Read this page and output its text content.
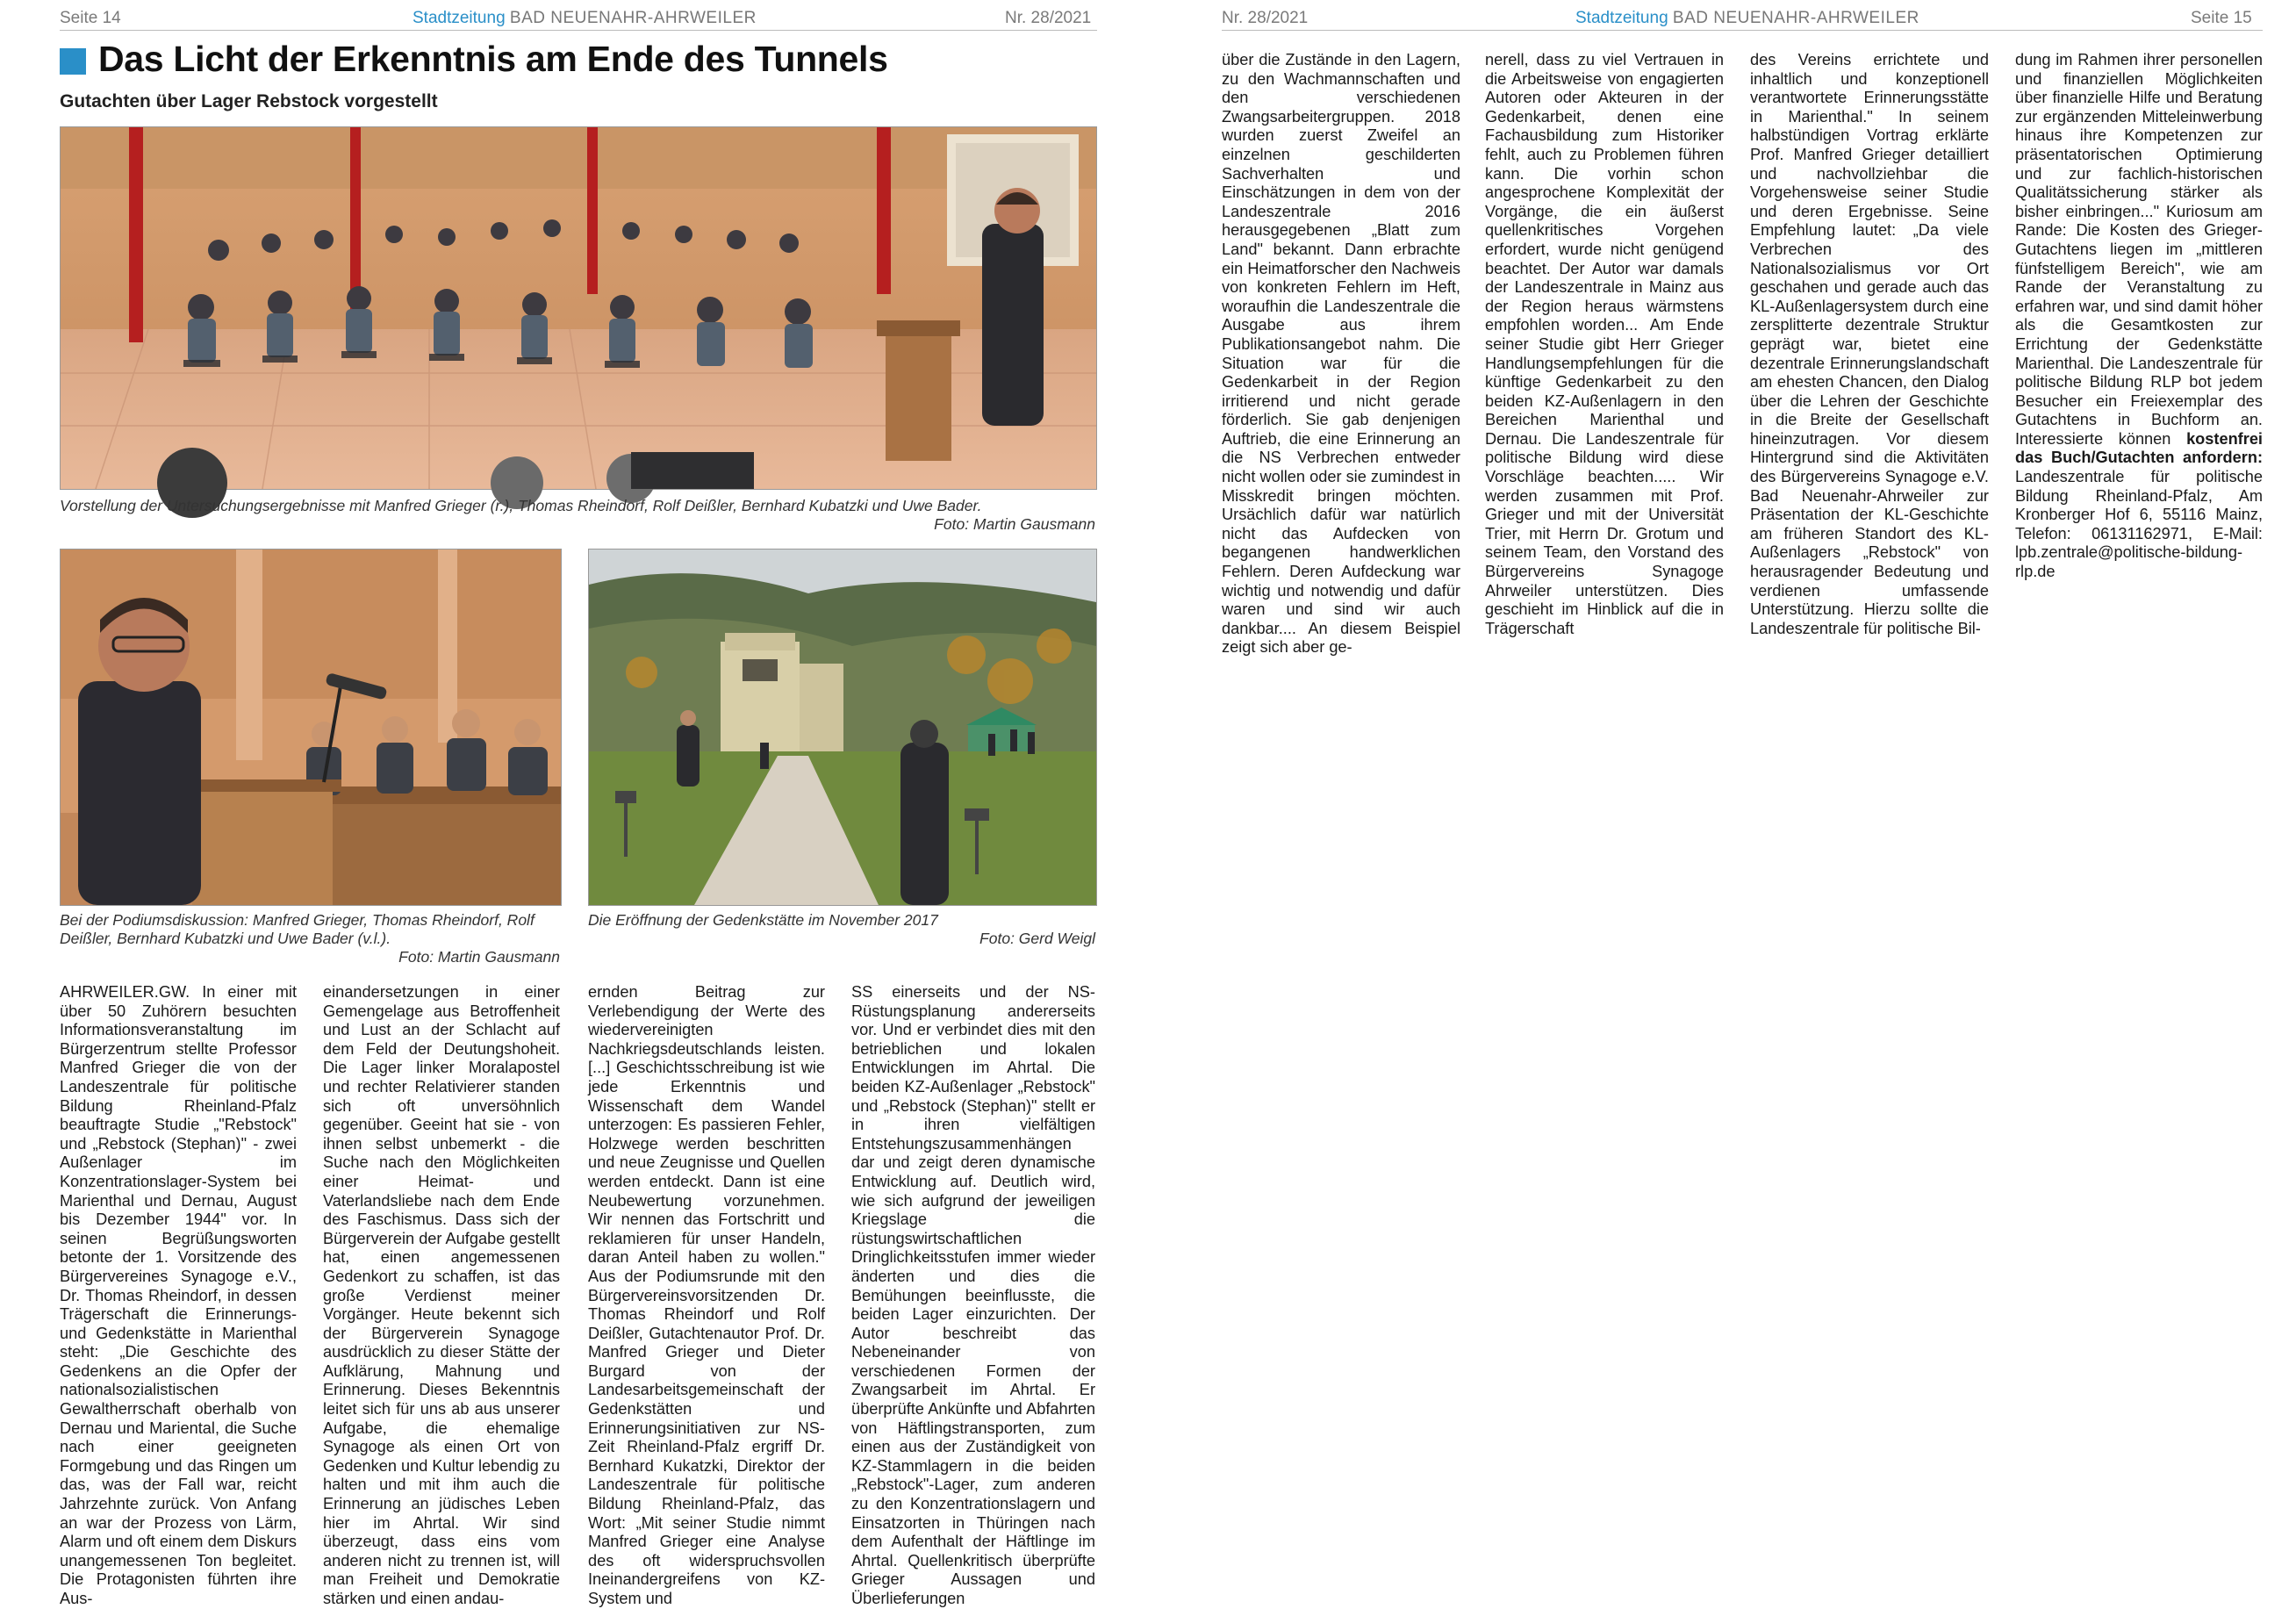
Seite 14	Stadtzeitung BAD NEUENAHR-AHRWEILER	Nr. 28/2021	Nr. 28/2021	Stadtzeitung BAD NEUENAHR-AHRWEILER	Seite 15
Das Licht der Erkenntnis am Ende des Tunnels
Gutachten über Lager Rebstock vorgestellt
Vorstellung der Untersuchungsergebnisse mit Manfred Grieger (r.), Thomas Rheindorf, Rolf Deißler, Bernhard Kubatzki und Uwe Bader.
Foto: Martin Gausmann
Bei der Podiumsdiskussion: Manfred Grieger, Thomas Rheindorf, Rolf Deißler, Bernhard Kubatzki und Uwe Bader (v.l.).
Foto: Martin Gausmann
Die Eröffnung der Gedenkstätte im November 2017
Foto: Gerd Weigl

AHRWEILER.GW. In einer mit über 50 Zuhörern besuchten Informationsveranstaltung im Bürgerzentrum stellte Professor Manfred Grieger die von der Landeszentrale für politische Bildung Rheinland-Pfalz beauftragte Studie „"Rebstock" und „Rebstock (Stephan)" - zwei Außenlager im Konzentrationslager-System bei Marienthal und Dernau, August bis Dezember 1944" vor. In seinen Begrüßungsworten betonte der 1. Vorsitzende des Bürgervereines Synagoge e.V., Dr. Thomas Rheindorf, in dessen Trägerschaft die Erinnerungs- und Gedenkstätte in Marienthal steht: „Die Geschichte des Gedenkens an die Opfer der nationalsozialistischen Gewaltherrschaft oberhalb von Dernau und Mariental, die Suche nach einer geeigneten Formgebung und das Ringen um das, was der Fall war, reicht Jahrzehnte zurück. Von Anfang an war der Prozess von Lärm, Alarm und oft einem dem Diskurs unangemessenen Ton begleitet. Die Protagonisten führten ihre Aus-

einandersetzungen in einer Gemengelage aus Betroffenheit und Lust an der Schlacht auf dem Feld der Deutungshoheit. Die Lager linker Moralapostel und rechter Relativierer standen sich oft unversöhnlich gegenüber. Geeint hat sie - von ihnen selbst unbemerkt - die Suche nach den Möglichkeiten einer Heimat- und Vaterlandsliebe nach dem Ende des Faschismus. Dass sich der Bürgerverein der Aufgabe gestellt hat, einen angemessenen Gedenkort zu schaffen, ist das große Verdienst meiner Vorgänger. Heute bekennt sich der Bürgerverein Synagoge ausdrücklich zu dieser Stätte der Aufklärung, Mahnung und Erinnerung. Dieses Bekenntnis leitet sich für uns ab aus unserer Aufgabe, die ehemalige Synagoge als einen Ort von Gedenken und Kultur lebendig zu halten und mit ihm auch die Erinnerung an jüdisches Leben hier im Ahrtal. Wir sind überzeugt, dass eins vom anderen nicht zu trennen ist, will man Freiheit und Demokratie stärken und einen andau-

ernden Beitrag zur Verlebendigung der Werte des wiedervereinigten Nachkriegsdeutschlands leisten. [...] Geschichtsschreibung ist wie jede Erkenntnis und Wissenschaft dem Wandel unterzogen: Es passieren Fehler, Holzwege werden beschritten und neue Zeugnisse und Quellen werden entdeckt. Dann ist eine Neubewertung vorzunehmen. Wir nennen das Fortschritt und reklamieren für unser Handeln, daran Anteil haben zu wollen." Aus der Podiumsrunde mit den Bürgervereinsvorsitzenden Dr. Thomas Rheindorf und Rolf Deißler, Gutachtenautor Prof. Dr. Manfred Grieger und Dieter Burgard von der Landesarbeitsgemeinschaft der Gedenkstätten und Erinnerungsinitiativen zur NS-Zeit Rheinland-Pfalz ergriff Dr. Bernhard Kukatzki, Direktor der Landeszentrale für politische Bildung Rheinland-Pfalz, das Wort: „Mit seiner Studie nimmt Manfred Grieger eine Analyse des oft widerspruchsvollen Ineinandergreifens von KZ-System und

SS einerseits und der NS-Rüstungsplanung andererseits vor. Und er verbindet dies mit den betrieblichen und lokalen Entwicklungen im Ahrtal. Die beiden KZ-Außenlager „Rebstock" und „Rebstock (Stephan)" stellt er in ihren vielfältigen Entstehungszusammenhängen dar und zeigt deren dynamische Entwicklung auf. Deutlich wird, wie sich aufgrund der jeweiligen Kriegslage die rüstungswirtschaftlichen Dringlichkeitsstufen immer wieder änderten und dies die Bemühungen beeinflusste, die beiden Lager einzurichten. Der Autor beschreibt das Nebeneinander von verschiedenen Formen der Zwangsarbeit im Ahrtal. Er überprüfte Ankünfte und Abfahrten von Häftlingstransporten, zum einen aus der Zuständigkeit von KZ-Stammlagern in die beiden „Rebstock"-Lager, zum anderen zu den Konzentrationslagern und Einsatzorten in Thüringen nach dem Aufenthalt der Häftlinge im Ahrtal. Quellenkritisch überprüfte Grieger Aussagen und Überlieferungen

über die Zustände in den Lagern, zu den Wachmannschaften und den verschiedenen Zwangsarbeitergruppen. 2018 wurden zuerst Zweifel an einzelnen geschilderten Sachverhalten und Einschätzungen in dem von der Landeszentrale 2016 herausgegebenen „Blatt zum Land" bekannt. Dann erbrachte ein Heimatforscher den Nachweis von konkreten Fehlern im Heft, woraufhin die Landeszentrale die Ausgabe aus ihrem Publikationsangebot nahm. Die Situation war für die Gedenkarbeit in der Region irritierend und nicht gerade förderlich. Sie gab denjenigen Auftrieb, die eine Erinnerung an die NS Verbrechen entweder nicht wollen oder sie zumindest in Misskredit bringen möchten. Ursächlich dafür war natürlich nicht das Aufdecken von begangenen handwerklichen Fehlern. Deren Aufdeckung war wichtig und notwendig und dafür waren und sind wir auch dankbar.... An diesem Beispiel zeigt sich aber ge-

nerell, dass zu viel Vertrauen in die Arbeitsweise von engagierten Autoren oder Akteuren in der Gedenkarbeit, denen eine Fachausbildung zum Historiker fehlt, auch zu Problemen führen kann. Die vorhin schon angesprochene Komplexität der Vorgänge, die ein äußerst quellenkritisches Vorgehen erfordert, wurde nicht genügend beachtet. Der Autor war damals der Landeszentrale in Mainz aus der Region heraus wärmstens empfohlen worden... Am Ende seiner Studie gibt Herr Grieger Handlungsempfehlungen für die künftige Gedenkarbeit zu den beiden KZ-Außenlagern in den Bereichen Marienthal und Dernau. Die Landeszentrale für politische Bildung wird diese Vorschläge beachten..... Wir werden zusammen mit Prof. Grieger und mit der Universität Trier, mit Herrn Dr. Grotum und seinem Team, den Vorstand des Bürgervereins Synagoge Ahrweiler unterstützen. Dies geschieht im Hinblick auf die in Trägerschaft

des Vereins errichtete und inhaltlich und konzeptionell verantwortete Erinnerungsstätte in Marienthal." In seinem halbstündigen Vortrag erklärte Prof. Manfred Grieger detailliert und nachvollziehbar die Vorgehensweise seiner Studie und deren Ergebnisse. Seine Empfehlung lautet: „Da viele Verbrechen des Nationalsozialismus vor Ort geschahen und gerade auch das KL-Außenlagersystem durch eine zersplitterte dezentrale Struktur geprägt war, bietet eine dezentrale Erinnerungslandschaft am ehesten Chancen, den Dialog über die Lehren der Geschichte in die Breite der Gesellschaft hineinzutragen. Vor diesem Hintergrund sind die Aktivitäten des Bürgervereins Synagoge e.V. Bad Neuenahr-Ahrweiler zur Präsentation der KL-Geschichte am früheren Standort des KL-Außenlagers „Rebstock" von herausragender Bedeutung und verdienen umfassende Unterstützung. Hierzu sollte die Landeszentrale für politische Bil-

dung im Rahmen ihrer personellen und finanziellen Möglichkeiten über finanzielle Hilfe und Beratung zur ergänzenden Mitteleinwerbung hinaus ihre Kompetenzen zur präsentatorischen Optimierung und zur fachlich-historischen Qualitätssicherung stärker als bisher einbringen..." Kuriosum am Rande: Die Kosten des Grieger-Gutachtens liegen im „mittleren fünfstelligem Bereich", wie am Rande der Veranstaltung zu erfahren war, und sind damit höher als die Gesamtkosten zur Errichtung der Gedenkstätte Marienthal. Die Landeszentrale für politische Bildung RLP bot jedem Besucher ein Freiexemplar des Gutachtens in Buchform an. Interessierte können kostenfrei das Buch/Gutachten anfordern: Landeszentrale für politische Bildung Rheinland-Pfalz, Am Kronberger Hof 6, 55116 Mainz, Telefon: 06131162971, E-Mail: lpb.zentrale@politische-bildung-rlp.de
